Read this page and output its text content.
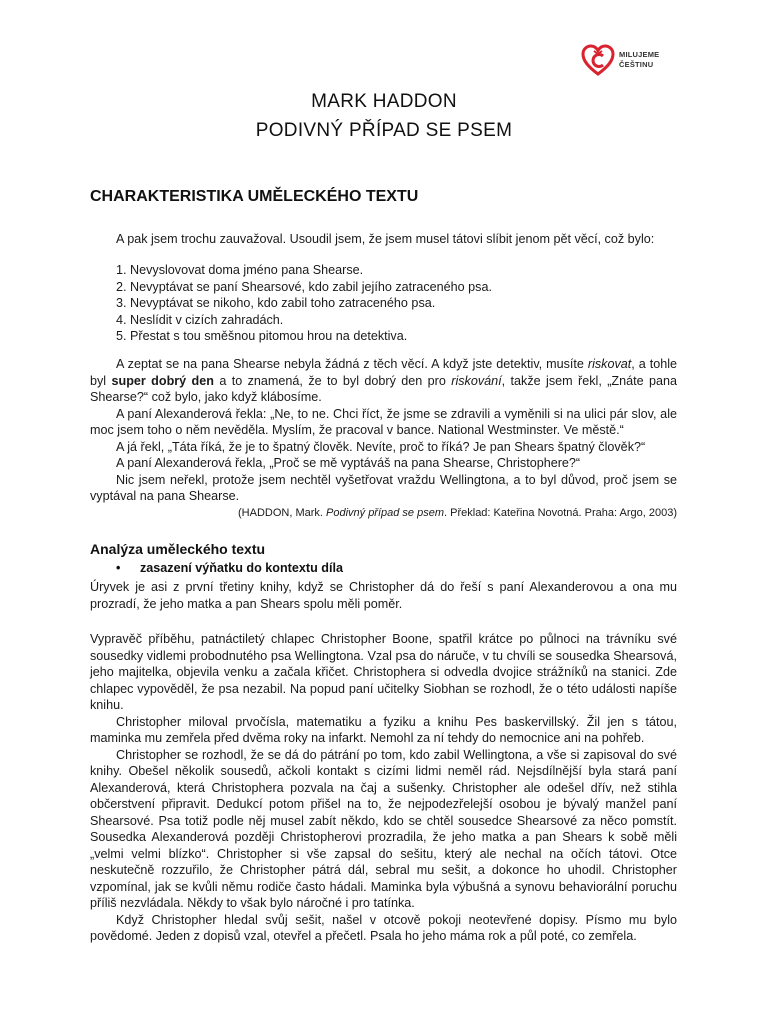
MILUJEME
ČEŠTINU
MARK HADDON
PODIVNÝ PŘÍPAD SE PSEM
CHARAKTERISTIKA UMĚLECKÉHO TEXTU
A pak jsem trochu zauvažoval. Usoudil jsem, že jsem musel tátovi slíbit jenom pět věcí, což bylo:
1. Nevyslovovat doma jméno pana Shearse.
2. Nevyptávat se paní Shearsové, kdo zabil jejího zatraceného psa.
3. Nevyptávat se nikoho, kdo zabil toho zatraceného psa.
4. Neslídit v cizích zahradách.
5. Přestat s tou směšnou pitomou hrou na detektiva.

A zeptat se na pana Shearse nebyla žádná z těch věcí. A když jste detektiv, musíte riskovat, a tohle byl super dobrý den a to znamená, že to byl dobrý den pro riskování, takže jsem řekl, „Znáte pana Shearse?“ což bylo, jako když klábosíme.

A paní Alexanderová řekla: „Ne, to ne. Chci říct, že jsme se zdravili a vyměnili si na ulici pár slov, ale moc jsem toho o něm nevěděla. Myslím, že pracoval v bance. National Westminster. Ve městě.“

A já řekl, „Táta říká, že je to špatný člověk. Nevíte, proč to říká? Je pan Shears špatný člověk?“

A paní Alexanderová řekla, „Proč se mě vyptáváš na pana Shearse, Christophere?“

Nic jsem neřekl, protože jsem nechtěl vyšetřovat vraždu Wellingtona, a to byl důvod, proč jsem se vyptával na pana Shearse.

(HADDON, Mark. Podivný případ se psem. Překlad: Kateřina Novotná. Praha: Argo, 2003)

Analýza uměleckého textu
•	zasazení výňatku do kontextu díla

Úryvek je asi z první třetiny knihy, když se Christopher dá do řeší s paní Alexanderovou a ona mu prozradí, že jeho matka a pan Shears spolu měli poměr.

Vypravěč příběhu, patnáctiletý chlapec Christopher Boone, spatřil krátce po půlnoci na trávníku své sousedky vidlemi probodnutého psa Wellingtona. Vzal psa do náruče, v tu chvíli se sousedka Shearsová, jeho majitelka, objevila venku a začala křičet. Christophera si odvedla dvojice strážníků na stanici. Zde chlapec vypověděl, že psa nezabil. Na popud paní učitelky Siobhan se rozhodl, že o této události napíše knihu.

Christopher miloval prvočísla, matematiku a fyziku a knihu Pes baskervillský. Žil jen s tátou, maminka mu zemřela před dvěma roky na infarkt. Nemohl za ní tehdy do nemocnice ani na pohřeb.

Christopher se rozhodl, že se dá do pátrání po tom, kdo zabil Wellingtona, a vše si zapisoval do své knihy. Obešel několik sousedů, ačkoli kontakt s cizími lidmi neměl rád. Nejsdílnější byla stará paní Alexanderová, která Christophera pozvala na čaj a sušenky. Christopher ale odešel dřív, než stihla občerstvení připravit. Dedukcí potom přišel na to, že nejpodezřelejší osobou je bývalý manžel paní Shearsové. Psa totiž podle něj musel zabít někdo, kdo se chtěl sousedce Shearsové za něco pomstít. Sousedka Alexanderová později Christopherovi prozradila, že jeho matka a pan Shears k sobě měli „velmi velmi blízko“. Christopher si vše zapsal do sešitu, který ale nechal na očích tátovi. Otce neskutečně rozzuřilo, že Christopher pátrá dál, sebral mu sešit, a dokonce ho uhodil. Christopher vzpomínal, jak se kvůli němu rodiče často hádali. Maminka byla výbušná a synovu behaviorální poruchu příliš nezvládala. Někdy to však bylo náročné i pro tatínka.

Když Christopher hledal svůj sešit, našel v otcově pokoji neotevřené dopisy. Písmo mu bylo povědomé. Jeden z dopisů vzal, otevřel a přečetl. Psala ho jeho máma rok a půl poté, co zemřela.
